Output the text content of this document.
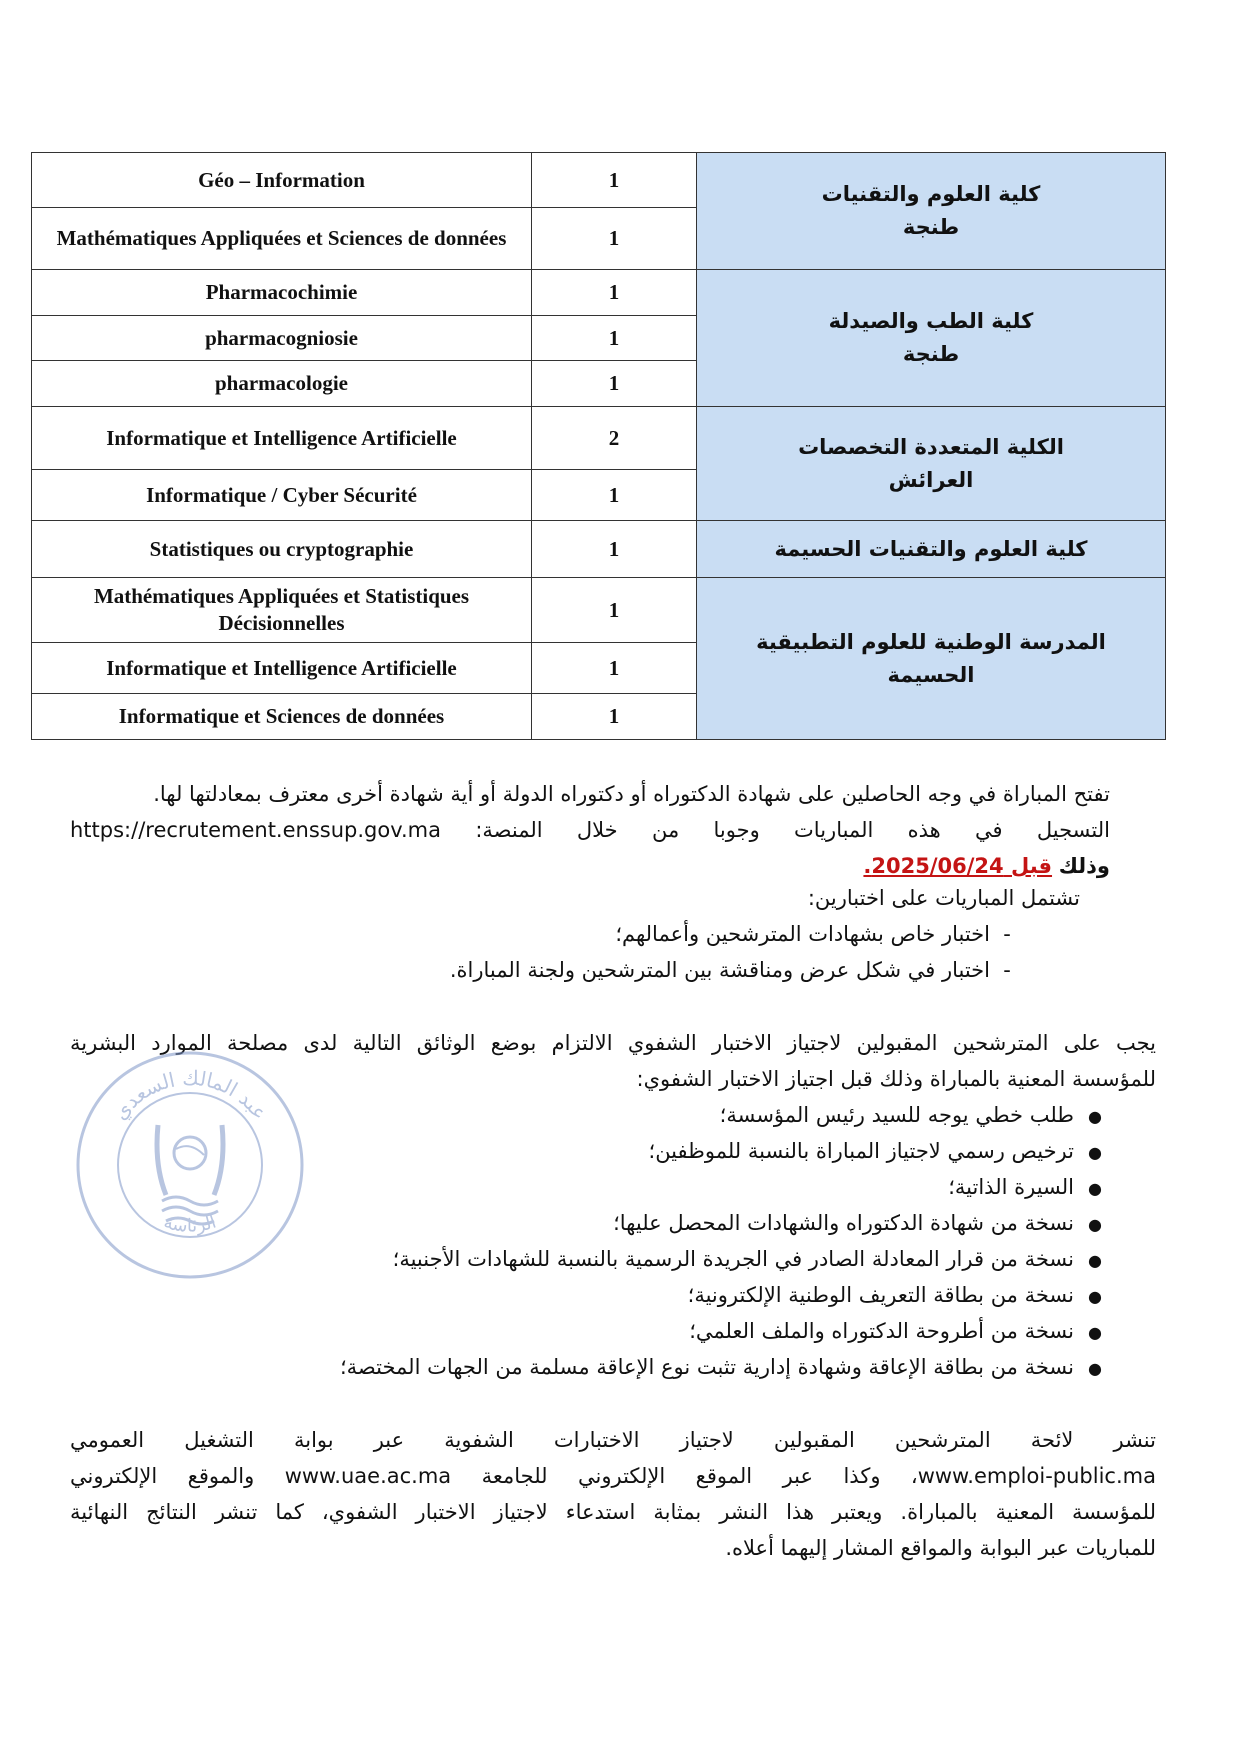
Géo – Information	1	كلية العلوم والتقنيات
طنجة

Mathématiques Appliquées et Sciences de données	1	
Pharmacochimie	1	كلية الطب والصيدلة
طنجة

pharmacogniosie	1	
pharmacologie	1	
Informatique et Intelligence Artificielle	2	الكلية المتعددة التخصصات
العرائش

Informatique / Cyber Sécurité	1	
Statistiques ou cryptographie	1	كلية العلوم والتقنيات الحسيمة

Mathématiques Appliquées et Statistiques Décisionnelles	1	المدرسة الوطنية للعلوم التطبيقية
الحسيمة

Informatique et Intelligence Artificielle	1	
Informatique et Sciences de données	1	
تفتح المباراة في وجه الحاصلين على شهادة الدكتوراه أو دكتوراه الدولة أو أية شهادة أخرى معترف بمعادلتها لها.
التسجيل في هذه المباريات وجوبا من خلال المنصة: https://recrutement.enssup.gov.ma
وذلك قبل 2025/06/24.
تشتمل المباريات على اختبارين:
-اختبار خاص بشهادات المترشحين وأعمالهم؛
-اختبار في شكل عرض ومناقشة بين المترشحين ولجنة المباراة.
يجب على المترشحين المقبولين لاجتياز الاختبار الشفوي الالتزام بوضع الوثائق التالية لدى مصلحة الموارد البشرية
للمؤسسة المعنية بالمباراة وذلك قبل اجتياز الاختبار الشفوي:
●طلب خطي يوجه للسيد رئيس المؤسسة؛
●ترخيص رسمي لاجتياز المباراة بالنسبة للموظفين؛
●السيرة الذاتية؛
●نسخة من شهادة الدكتوراه والشهادات المحصل عليها؛
●نسخة من قرار المعادلة الصادر في الجريدة الرسمية بالنسبة للشهادات الأجنبية؛
●نسخة من بطاقة التعريف الوطنية الإلكترونية؛
●نسخة من أطروحة الدكتوراه والملف العلمي؛
●نسخة من بطاقة الإعاقة وشهادة إدارية تثبت نوع الإعاقة مسلمة من الجهات المختصة؛
تنشر لائحة المترشحين المقبولين لاجتياز الاختبارات الشفوية عبر بوابة التشغيل العمومي
www.emploi-public.ma، وكذا عبر الموقع الإلكتروني للجامعة www.uae.ac.ma والموقع الإلكتروني
للمؤسسة المعنية بالمباراة. ويعتبر هذا النشر بمثابة استدعاء لاجتياز الاختبار الشفوي، كما تنشر النتائج النهائية
للمباريات عبر البوابة والمواقع المشار إليهما أعلاه.
عبد المالك السعدي
الرئاسة
